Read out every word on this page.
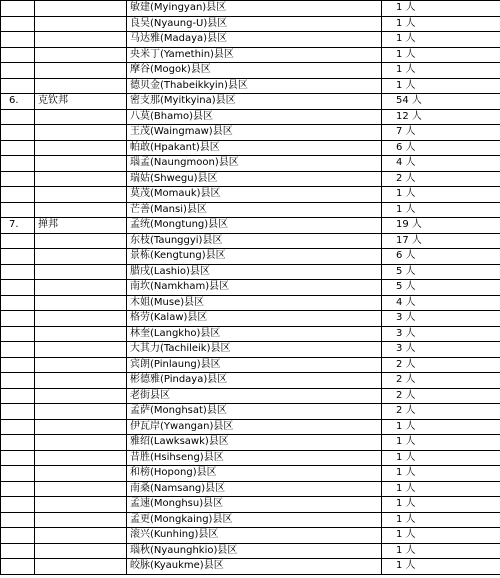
		敏建(Myingyan)县区	1 人
		良吴(Nyaung-U)县区	1 人
		马达雅(Madaya)县区	1 人
		央米丁(Yamethin)县区	1 人
		摩谷(Mogok)县区	1 人
		德贝金(Thabeikkyin)县区	1 人
6.	克钦邦	密支那(Myitkyina)县区	54 人
		八莫(Bhamo)县区	12 人
		王茂(Waingmaw)县区	7 人
		帕敢(Hpakant)县区	6 人
		瑙孟(Naungmoon)县区	4 人
		瑞姑(Shwegu)县区	2 人
		莫茂(Momauk)县区	1 人
		芒善(Mansi)县区	1 人
7.	掸邦	孟统(Mongtung)县区	19 人
		东枝(Taunggyi)县区	17 人
		景栋(Kengtung)县区	6 人
		腊戌(Lashio)县区	5 人
		南坎(Namkham)县区	5 人
		木姐(Muse)县区	4 人
		格劳(Kalaw)县区	3 人
		林奎(Langkho)县区	3 人
		大其力(Tachileik)县区	3 人
		宾朗(Pinlaung)县区	2 人
		彬德雅(Pindaya)县区	2 人
		老街县区	2 人
		孟萨(Monghsat)县区	2 人
		伊瓦岸(Ywangan)县区	1 人
		雅绍(Lawksawk)县区	1 人
		昔胜(Hsihseng)县区	1 人
		和榜(Hopong)县区	1 人
		南桑(Namsang)县区	1 人
		孟速(Monghsu)县区	1 人
		孟更(Mongkaing)县区	1 人
		滚兴(Kunhing)县区	1 人
		瑙秋(Nyaunghkio)县区	1 人
		皎脉(Kyaukme)县区	1 人
